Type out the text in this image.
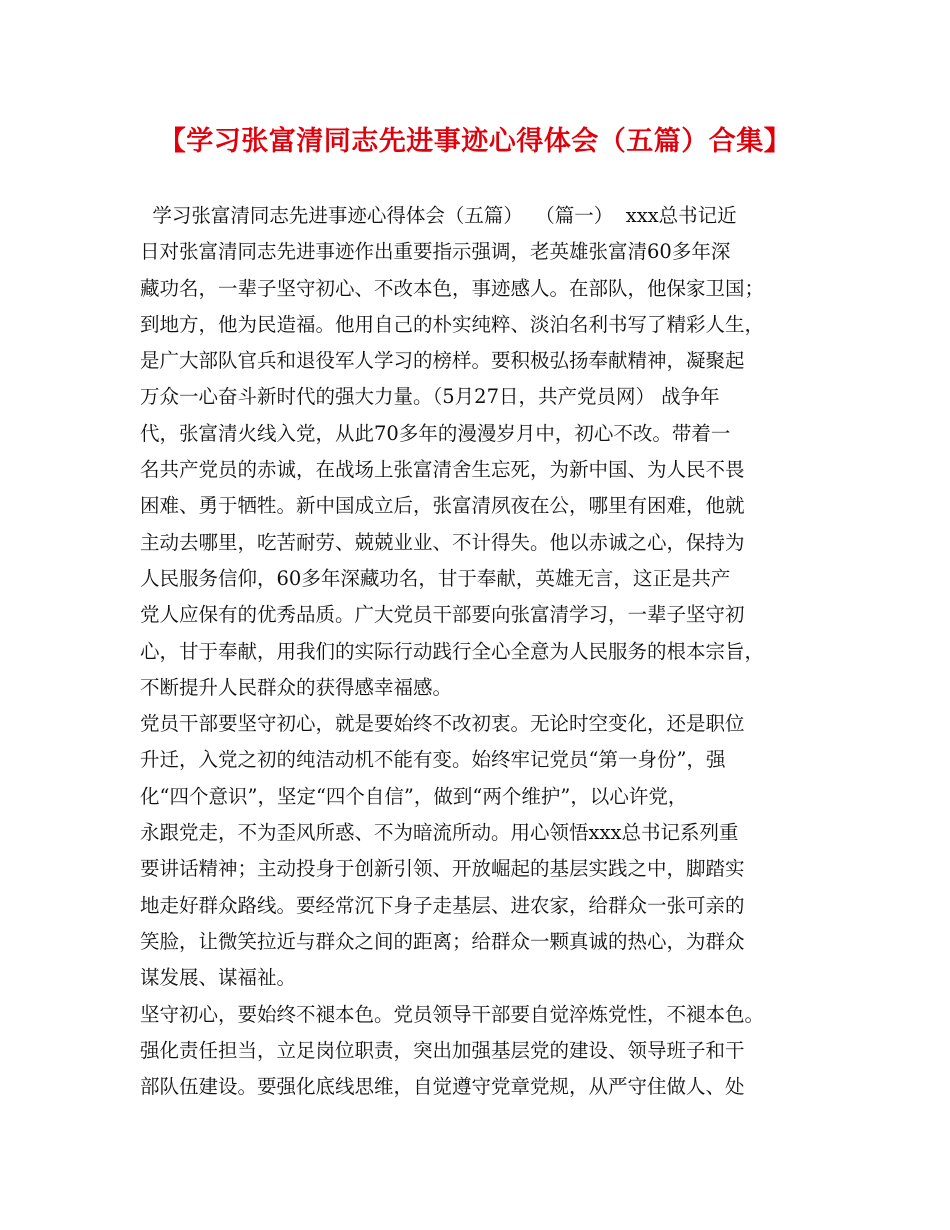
【学习张富清同志先进事迹心得体会（五篇）合集】
学习张富清同志先进事迹心得体会（五篇）  （篇一）  xxx总书记近
日对张富清同志先进事迹作出重要指示强调，老英雄张富清60多年深
藏功名，一辈子坚守初心、不改本色，事迹感人。在部队，他保家卫国；
到地方，他为民造福。他用自己的朴实纯粹、淡泊名利书写了精彩人生，
是广大部队官兵和退役军人学习的榜样。要积极弘扬奉献精神，凝聚起
万众一心奋斗新时代的强大力量。（5月27日，共产党员网） 战争年
代，张富清火线入党，从此70多年的漫漫岁月中，初心不改。带着一
名共产党员的赤诚，在战场上张富清舍生忘死，为新中国、为人民不畏
困难、勇于牺牲。新中国成立后，张富清夙夜在公，哪里有困难，他就
主动去哪里，吃苦耐劳、兢兢业业、不计得失。他以赤诚之心，保持为
人民服务信仰，60多年深藏功名，甘于奉献，英雄无言，这正是共产
党人应保有的优秀品质。广大党员干部要向张富清学习，一辈子坚守初
心，甘于奉献，用我们的实际行动践行全心全意为人民服务的根本宗旨，
不断提升人民群众的获得感幸福感。
党员干部要坚守初心，就是要始终不改初衷。无论时空变化，还是职位
升迁，入党之初的纯洁动机不能有变。始终牢记党员“第一身份”，强
化“四个意识”，坚定“四个自信”，做到“两个维护”，以心许党，
永跟党走，不为歪风所惑、不为暗流所动。用心领悟xxx总书记系列重
要讲话精神；主动投身于创新引领、开放崛起的基层实践之中，脚踏实
地走好群众路线。要经常沉下身子走基层、进农家，给群众一张可亲的
笑脸，让微笑拉近与群众之间的距离；给群众一颗真诚的热心，为群众
谋发展、谋福祉。
坚守初心，要始终不褪本色。党员领导干部要自觉淬炼党性，不褪本色。
强化责任担当，立足岗位职责，突出加强基层党的建设、领导班子和干
部队伍建设。要强化底线思维，自觉遵守党章党规，从严守住做人、处
